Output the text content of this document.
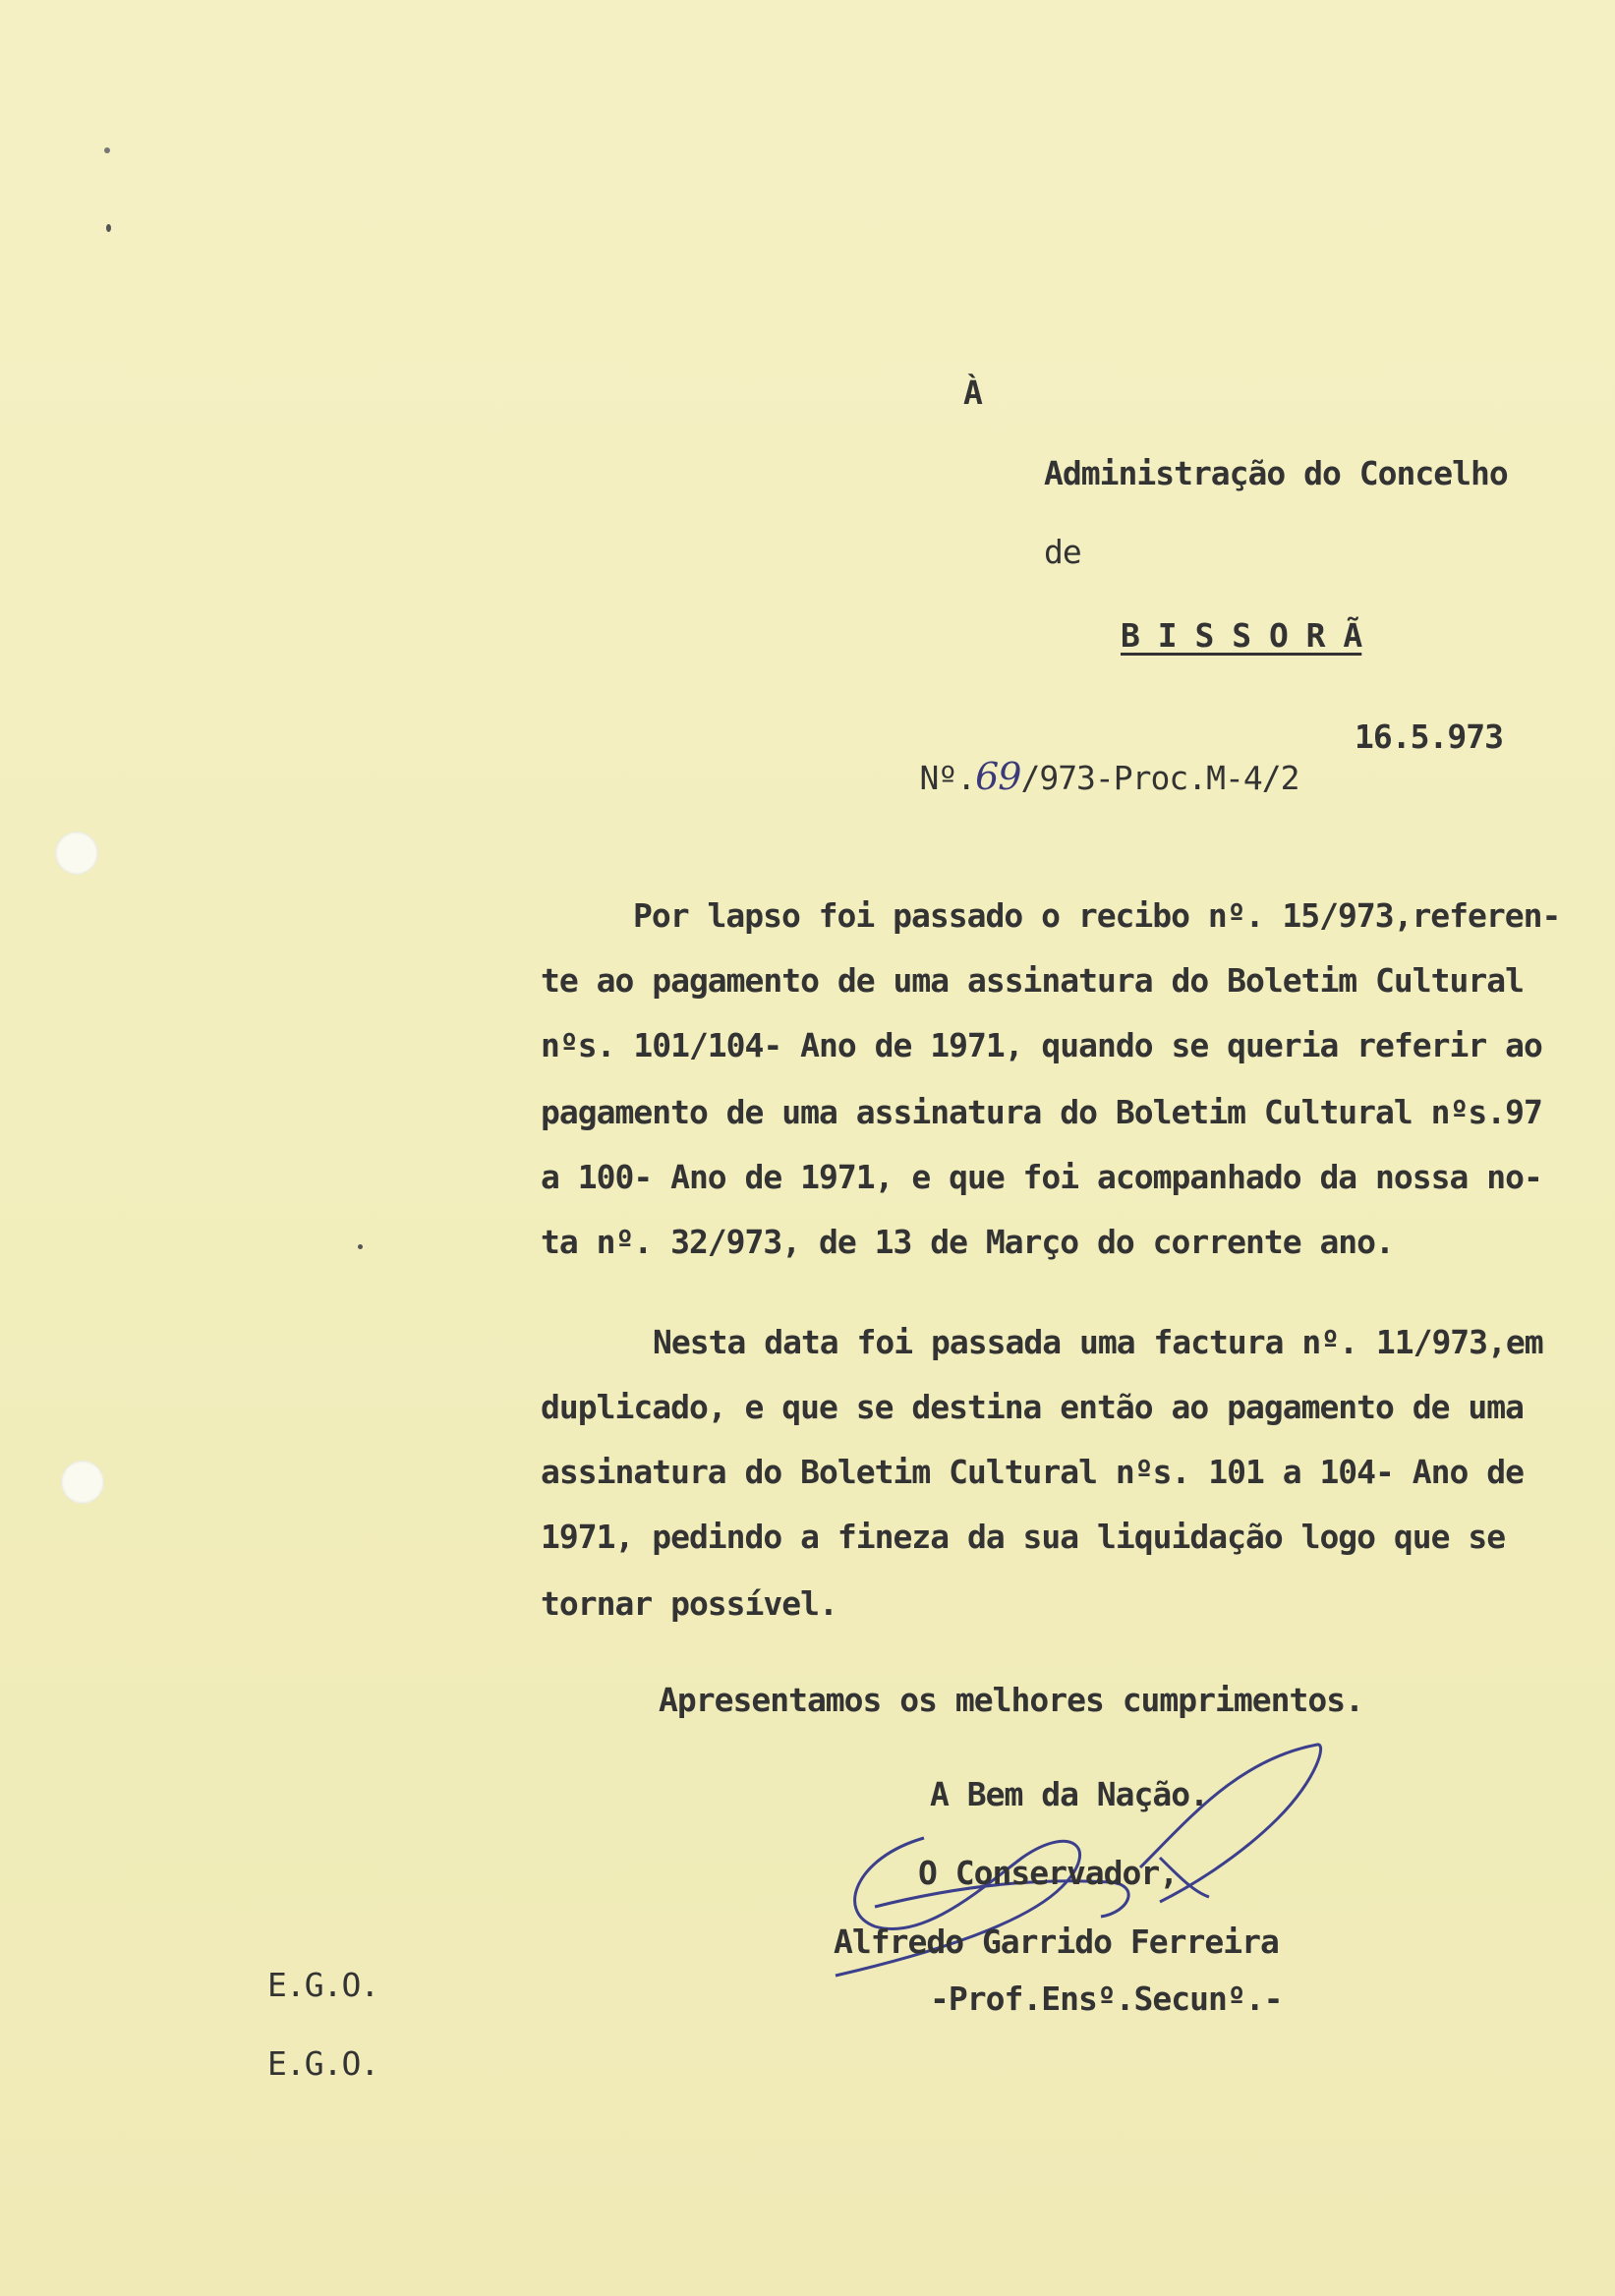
À
Administração do Concelho
de
B I S S O R Ã

Nº.69/973-Proc.M-4/2

16.5.973
Por lapso foi passado o recibo nº. 15/973,referen-
te ao pagamento de uma assinatura do Boletim Cultural
nºs. 101/104- Ano de 1971, quando se queria referir ao
pagamento de uma assinatura do Boletim Cultural nºs.97
a 100- Ano de 1971, e que foi acompanhado da nossa no-
ta nº. 32/973, de 13 de Março do corrente ano.
Nesta data foi passada uma factura nº. 11/973,em
duplicado, e que se destina então ao pagamento de uma
assinatura do Boletim Cultural nºs. 101 a 104- Ano de
1971, pedindo a fineza da sua liquidação logo que se
tornar possível.
Apresentamos os melhores cumprimentos.
A Bem da Nação.
O Conservador,
Alfredo Garrido Ferreira
-Prof.Ensº.Secunº.-
E.G.O.
E.G.O.
